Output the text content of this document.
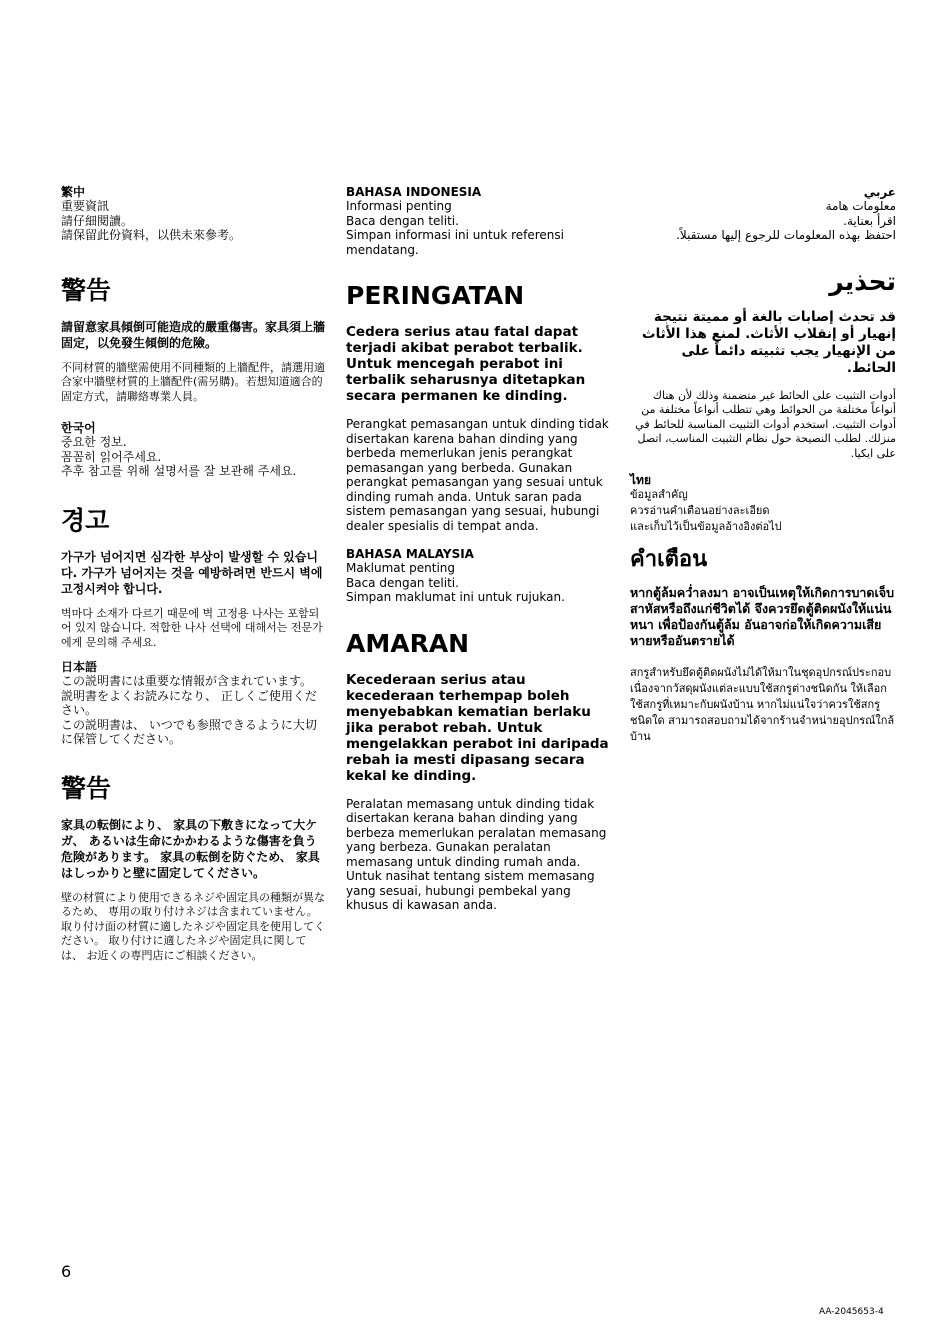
繁中

重要資訊
請仔細閱讀。
請保留此份資料，以供未來參考。
警告

請留意家具傾倒可能造成的嚴重傷害。家具須上牆固定，以免發生傾倒的危險。

不同材質的牆壁需使用不同種類的上牆配件，請選用適合家中牆壁材質的上牆配件(需另購)。若想知道適合的固定方式，請聯絡專業人員。

한국어

중요한 정보.
꼼꼼히 읽어주세요.
추후 참고를 위해 설명서를 잘 보관해 주세요.
경고

가구가 넘어지면 심각한 부상이 발생할 수 있습니다. 가구가 넘어지는 것을 예방하려면 반드시 벽에 고정시켜야 합니다.

벽마다 소재가 다르기 때문에 벽 고정용 나사는 포함되어 있지 않습니다. 적합한 나사 선택에 대해서는 전문가에게 문의해 주세요.

日本語

この説明書には重要な情報が含まれています。
説明書をよくお読みになり、 正しくご使用ください。
この説明書は、 いつでも参照できるように大切に保管してください。
警告

家具の転倒により、 家具の下敷きになって大ケガ、 あるいは生命にかかわるような傷害を負う危険があります。 家具の転倒を防ぐため、 家具はしっかりと壁に固定してください。

壁の材質により使用できるネジや固定具の種類が異なるため、 専用の取り付けネジは含まれていません。 取り付け面の材質に適したネジや固定具を使用してください。 取り付けに適したネジや固定具に関しては、 お近くの専門店にご相談ください。

BAHASA INDONESIA

Informasi penting
Baca dengan teliti.
Simpan informasi ini untuk referensi mendatang.
PERINGATAN

Cedera serius atau fatal dapat terjadi akibat perabot terbalik. Untuk mencegah perabot ini terbalik seharusnya ditetapkan secara permanen ke dinding.

Perangkat pemasangan untuk dinding tidak disertakan karena bahan dinding yang berbeda memerlukan jenis perangkat pemasangan yang berbeda. Gunakan perangkat pemasangan yang sesuai untuk dinding rumah anda. Untuk saran pada sistem pemasangan yang sesuai, hubungi dealer spesialis di tempat anda.

BAHASA MALAYSIA

Maklumat penting
Baca dengan teliti.
Simpan maklumat ini untuk rujukan.
AMARAN

Kecederaan serius atau kecederaan terhempap boleh menyebabkan kematian berlaku jika perabot rebah. Untuk mengelakkan perabot ini daripada rebah ia mesti dipasang secara kekal ke dinding.

Peralatan memasang untuk dinding tidak disertakan kerana bahan dinding yang berbeza memerlukan peralatan memasang yang berbeza. Gunakan peralatan memasang untuk dinding rumah anda. Untuk nasihat tentang sistem memasang yang sesuai, hubungi pembekal yang khusus di kawasan anda.

عربي

معلومات هامة
اقرأ بعناية.
احتفظ بهذه المعلومات للرجوع إليها مستقبلاً.
تحذير

قد تحدث إصابات بالغة أو مميتة نتيجة إنهيار أو إنقلاب الأثاث. لمنع هذا الأثاث من الإنهيار يجب تثبيته دائماً على الحائط.

أدوات التثبيت على الحائط غير متضمنة وذلك لأن هناك أنواعاً مختلفة من الحوائط وهي تتطلب أنواعاً مختلفة من أدوات التثبيت. استخدم أدوات التثبيت المناسبة للحائط في منزلك. لطلب النصيحة حول نظام التثبيت المناسب، اتصل على ايكيا.

ไทย

ข้อมูลสำคัญ
ควรอ่านคำเตือนอย่างละเอียด
และเก็บไว้เป็นข้อมูลอ้างอิงต่อไป
คำเตือน

หากตู้ล้มคว่ำลงมา อาจเป็นเหตุให้เกิดการบาดเจ็บสาหัสหรือถึงแก่ชีวิตได้ จึงควรยึดตู้ติดผนังให้แน่นหนา เพื่อป้องกันตู้ล้ม อันอาจก่อให้เกิดความเสียหายหรืออันตรายได้

สกรูสำหรับยึดตู้ติดผนังไม่ได้ให้มาในชุดอุปกรณ์ประกอบ เนื่องจากวัสดุผนังแต่ละแบบใช้สกรูต่างชนิดกัน ให้เลือกใช้สกรูที่เหมาะกับผนังบ้าน หากไม่แน่ใจว่าควรใช้สกรูชนิดใด สามารถสอบถามได้จากร้านจำหน่ายอุปกรณ์ใกล้บ้าน

6
AA-2045653-4
